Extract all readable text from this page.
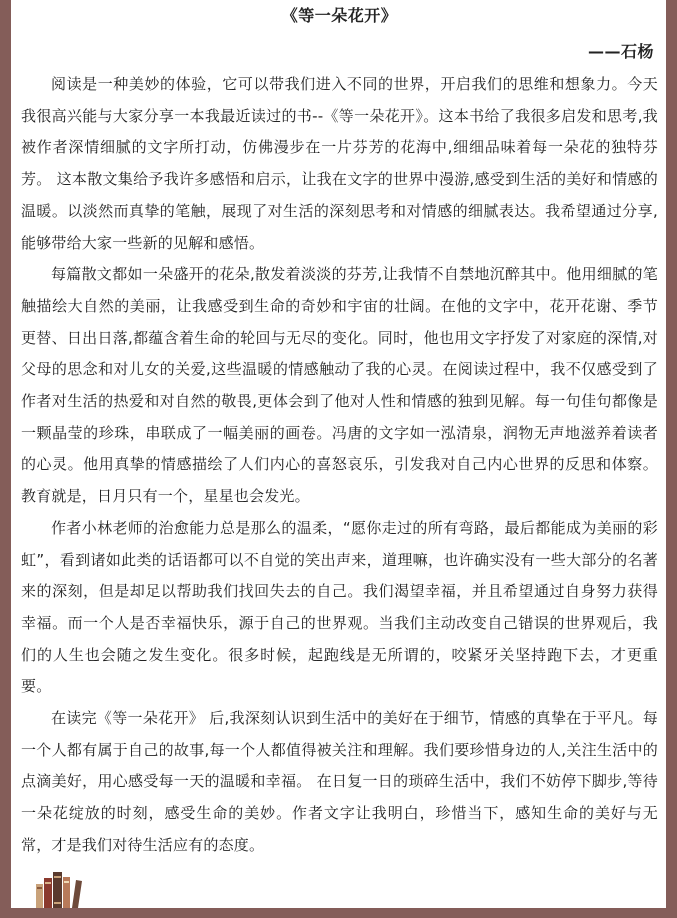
《等一朵花开》
——石杨

阅读是一种美妙的体验，它可以带我们进入不同的世界，开启我们的思维和想象力。今天我很高兴能与大家分享一本我最近读过的书--《等一朵花开》。这本书给了我很多启发和思考,我被作者深情细腻的文字所打动，仿佛漫步在一片芬芳的花海中,细细品味着每一朵花的独特芬芳。 这本散文集给予我许多感悟和启示，让我在文字的世界中漫游,感受到生活的美好和情感的温暖。以淡然而真挚的笔触，展现了对生活的深刻思考和对情感的细腻表达。我希望通过分享,能够带给大家一些新的见解和感悟。

每篇散文都如一朵盛开的花朵,散发着淡淡的芬芳,让我情不自禁地沉醉其中。他用细腻的笔触描绘大自然的美丽，让我感受到生命的奇妙和宇宙的壮阔。在他的文字中，花开花谢、季节更替、日出日落,都蕴含着生命的轮回与无尽的变化。同时，他也用文字抒发了对家庭的深情,对父母的思念和对儿女的关爱,这些温暖的情感触动了我的心灵。在阅读过程中，我不仅感受到了作者对生活的热爱和对自然的敬畏,更体会到了他对人性和情感的独到见解。每一句佳句都像是一颗晶莹的珍珠，串联成了一幅美丽的画卷。冯唐的文字如一泓清泉，润物无声地滋养着读者的心灵。他用真挚的情感描绘了人们内心的喜怒哀乐，引发我对自己内心世界的反思和体察。教育就是，日月只有一个，星星也会发光。

作者小林老师的治愈能力总是那么的温柔，“愿你走过的所有弯路，最后都能成为美丽的彩虹”，看到诸如此类的话语都可以不自觉的笑出声来，道理嘛，也许确实没有一些大部分的名著来的深刻，但是却足以帮助我们找回失去的自己。我们渴望幸福，并且希望通过自身努力获得幸福。而一个人是否幸福快乐，源于自己的世界观。当我们主动改变自己错误的世界观后，我们的人生也会随之发生变化。很多时候，起跑线是无所谓的，咬紧牙关坚持跑下去，才更重要。

在读完《等一朵花开》 后,我深刻认识到生活中的美好在于细节，情感的真挚在于平凡。每一个人都有属于自己的故事,每一个人都值得被关注和理解。我们要珍惜身边的人,关注生活中的点滴美好，用心感受每一天的温暖和幸福。 在日复一日的琐碎生活中，我们不妨停下脚步,等待一朵花绽放的时刻，感受生命的美妙。作者文字让我明白，珍惜当下，感知生命的美好与无常，才是我们对待生活应有的态度。
